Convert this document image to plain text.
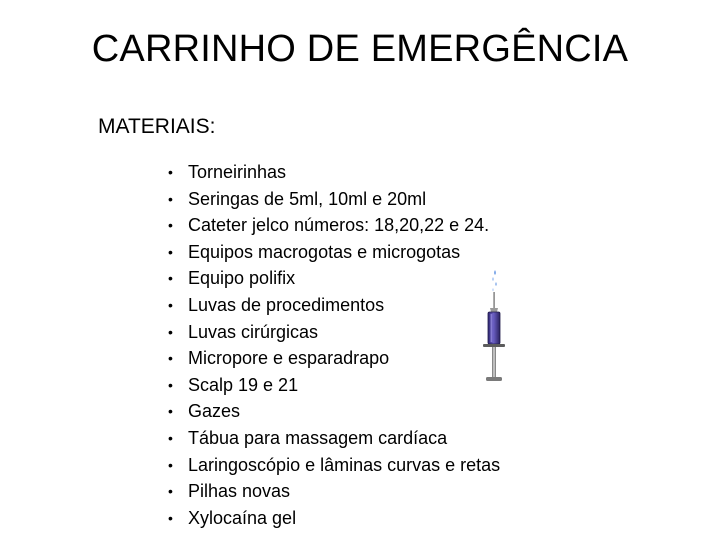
CARRINHO DE EMERGÊNCIA
MATERIAIS:
• Torneirinhas
• Seringas de 5ml, 10ml e 20ml
• Cateter jelco números: 18,20,22 e 24.
• Equipos macrogotas e microgotas
• Equipo polifix
• Luvas de procedimentos
• Luvas cirúrgicas
• Micropore e esparadrapo
• Scalp 19 e 21
• Gazes
• Tábua para massagem cardíaca
• Laringoscópio e lâminas curvas e retas
• Pilhas novas
• Xylocaína gel
